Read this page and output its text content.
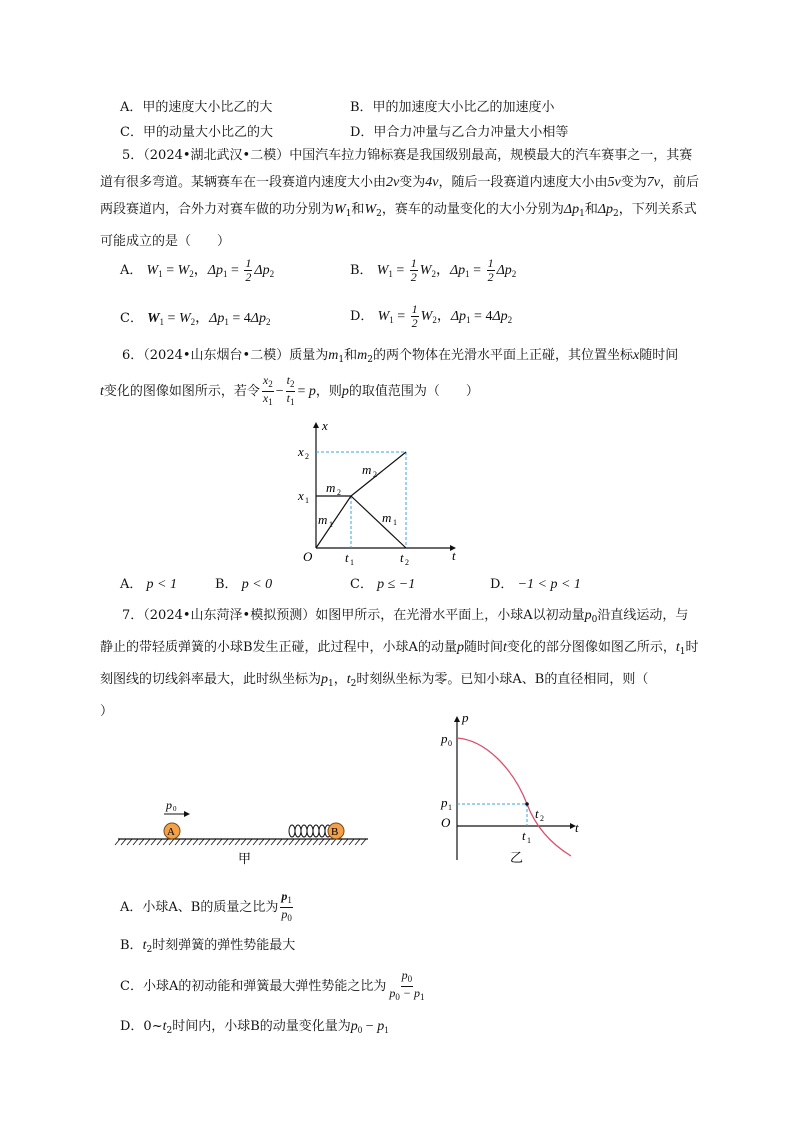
A．甲的速度大小比乙的大	B．甲的加速度大小比乙的加速度小
C．甲的动量大小比乙的大	D．甲合力冲量与乙合力冲量大小相等
5．（2024•湖北武汉•二模）中国汽车拉力锦标赛是我国级别最高，规模最大的汽车赛事之一，其赛道有很多弯道。某辆赛车在一段赛道内速度大小由2v变为4v，随后一段赛道内速度大小由5v变为7v，前后两段赛道内，合外力对赛车做的功分别为$W_1$和$W_2$，赛车的动量变化的大小分别为$\Delta p_1$和$\Delta p_2$，下列关系式可能成立的是（　　）
A． $W_1 = W_2$，$\Delta p_1 = \frac{1}{2} \Delta p_2$	B． $W_1 = \frac{1}{2} W_2$，$\Delta p_1 = \frac{1}{2} \Delta p_2$
C． $W_1 = W_2$，$\Delta p_1 = 4\Delta p_2$	D． $W_1 = \frac{1}{2} W_2$，$\Delta p_1 = 4\Delta p_2$
6．（2024•山东烟台•二模）质量为$m_1$和$m_2$的两个物体在光滑水平面上正碰，其位置坐标x随时间
t变化的图像如图所示，若令 $\frac{x_2}{x_1} - \frac{t_2}{t_1} = p$，则p的取值范围为（　　）
x
t
O
x 2
x 1
t 1	t 2
m 2
m 1
m 2
m 1
A． p < 1	B． p < 0	C． p ≤ −1	D． −1 < p < 1
7．（2024•山东菏泽•模拟预测）如图甲所示，在光滑水平面上，小球A以初动量$p_0$沿直线运动，与静止的带轻质弹簧的小球B发生正碰，此过程中，小球A的动量p随时间t变化的部分图像如图乙所示，$t_1$时刻图线的切线斜率最大，此时纵坐标为$p_1$，$t_2$时刻纵坐标为零。已知小球A、B的直径相同，则（
）
A
p 0
B
甲
p
t
O
p 0
p 1
t 1
t 2
乙
A．小球A、B的质量之比为 $\frac{p_1}{p_0}$
B．$t_2$时刻弹簧的弹性势能最大
C．小球A的初动能和弹簧最大弹性势能之比为 $\frac{p_0}{p_0 - p_1}$
D．$0\sim t_2$时间内，小球B的动量变化量为$p_0 - p_1$
